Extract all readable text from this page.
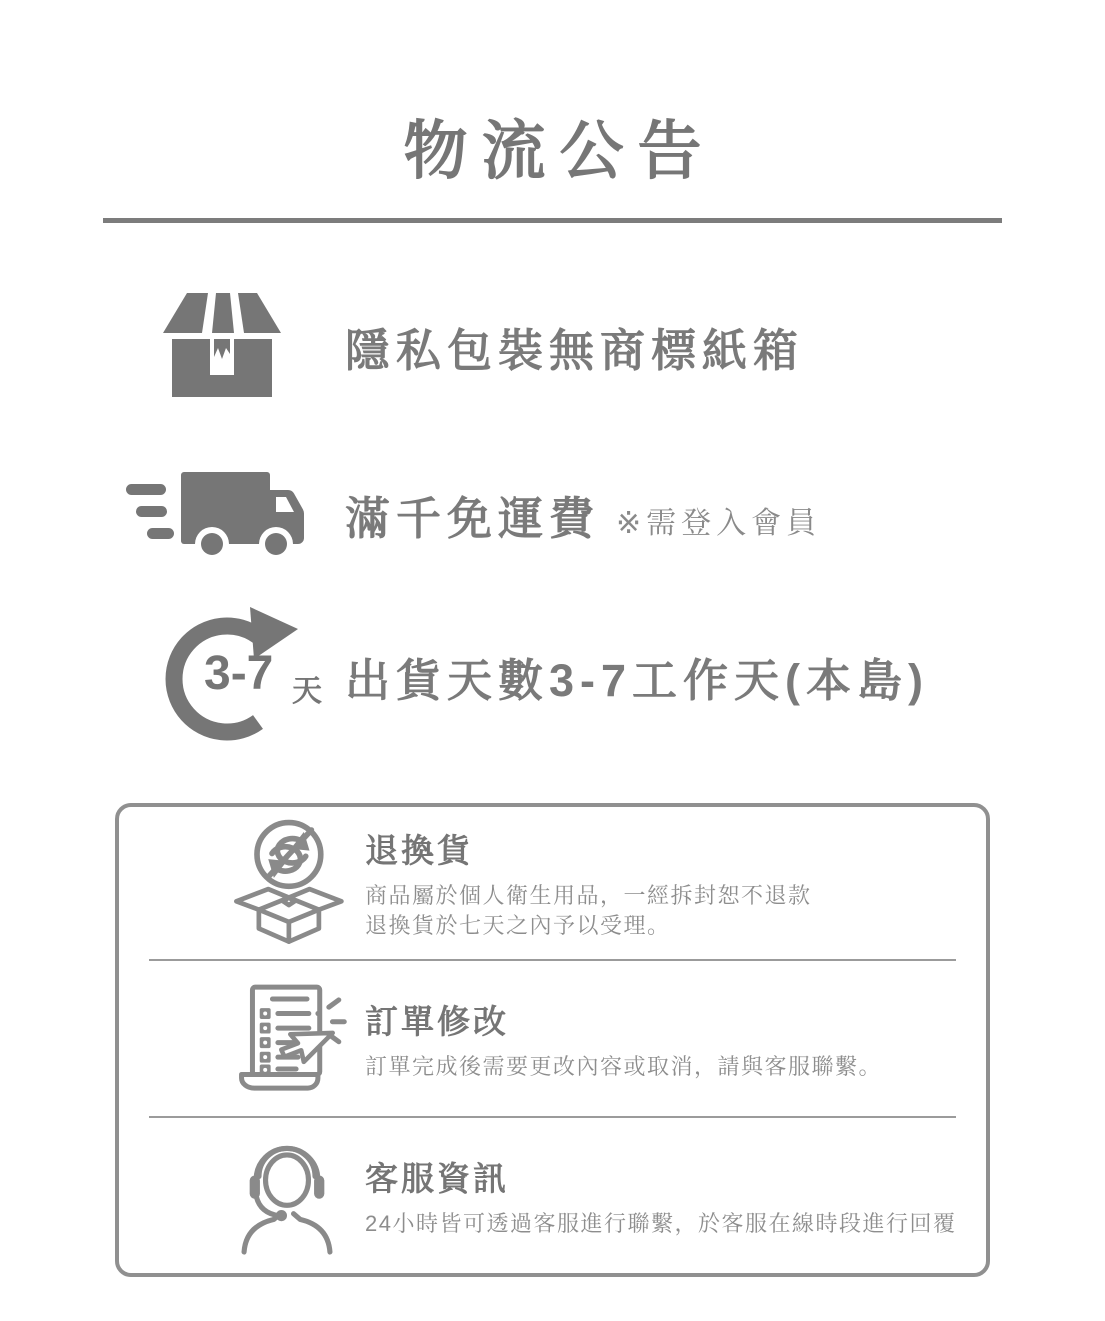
物流公告
隱私包裝無商標紙箱
滿千免運費 ※需登入會員
3-7 天 出貨天數3-7工作天(本島)
退換貨
商品屬於個人衛生用品，一經拆封恕不退款
退換貨於七天之內予以受理。
訂單修改
訂單完成後需要更改內容或取消，請與客服聯繫。
客服資訊
24小時皆可透過客服進行聯繫，於客服在線時段進行回覆
